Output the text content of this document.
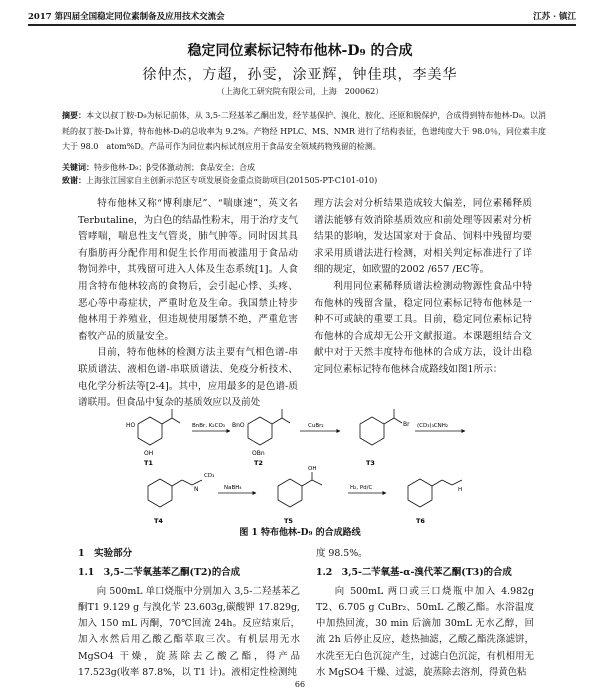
2017 第四届全国稳定同位素制备及应用技术交流会	江苏 · 镇江
稳定同位素标记特布他林-D₉ 的合成
徐仲杰，方超，孙雯，涂亚辉，钟佳琪，李美华
（上海化工研究院有限公司，上海　200062）
摘要：本文以叔丁胺-D₉为标记前体，从 3,5-二羟基苯乙酮出发，经苄基保护、溴化、胺化、还原和脱保护，合成得到特布他林-D₉。以消耗的叔丁胺-D₉计算，特布他林-D₉的总收率为 9.2%。产物经 HPLC、MS、NMR 进行了结构表征，色谱纯度大于 98.0％，同位素丰度大于 98.0　atom%D。产品可作为同位素内标试剂应用于食品安全领域药物残留的检测。
关键词：特步他林-D₉；β受体激动剂；食品安全；合成
致谢：上海张江国家自主创新示范区专项发展资金重点资助项目(201505-PT-C101-010)

特布他林又称“博利康尼”、“喘康速”，英文名Terbutaline，为白色的结晶性粉末，用于治疗支气管哮喘，喘息性支气管炎，肺气肿等。同时因其具有脂肪再分配作用和促生长作用而被滥用于食品动物饲养中，其残留可进入人体及生态系统[1]。人食用含特布他林较高的食物后，会引起心悸、头疼、恶心等中毒症状，严重时危及生命。我国禁止特步他林用于养殖业，但违规使用屡禁不绝，严重危害畜牧产品的质量安全。

目前，特布他林的检测方法主要有气相色谱-串联质谱法、液相色谱-串联质谱法、免疫分析技术、电化学分析法等[2-4]。其中，应用最多的是色谱-质谱联用。但食品中复杂的基质效应以及前处

理方法会对分析结果造成较大偏差，同位素稀释质谱法能够有效消除基质效应和前处理等因素对分析结果的影响，发达国家对于食品、饲料中残留均要求采用质谱法进行检测，对相关判定标准进行了详细的规定，如欧盟的2002 /657 /EC等。

利用同位素稀释质谱法检测动物源性食品中特布他林的残留含量，稳定同位素标记特布他林是一种不可或缺的重要工具。目前，稳定同位素标记特布他林的合成却无公开文献报道。本课题组结合文献中对于天然丰度特布他林的合成方法，设计出稳定同位素标记特布他林合成路线如图1所示：

HO
OH
T1
BnBr, K₂CO₃ BnO
OBn
T2
CuBr₂	Br
T3
(CD₃)₃CNH₂
N
CD₃
T4
NaBH₄
OH
T5
H₂, Pd/C	H
T6
图 1 特布他林-D₉ 的合成路线
1　实验部分
1.1　3,5-二苄氧基苯乙酮(T2)的合成

向 500mL 单口烧瓶中分别加入 3,5-二羟基苯乙酮T1 9.129 g 与溴化苄 23.603g,碳酸钾 17.829g,加入 150 mL 丙酮，70℃回流 24h。反应结束后，加入水然后用乙酸乙酯萃取三次。有机层用无水MgSO4 干燥，旋蒸除去乙酸乙酯，得产品17.523g(收率 87.8%，以 T1 计)。液相定性检测纯

度 98.5%。
1.2　3,5-二苄氧基-α-溴代苯乙酮(T3)的合成

向 500mL 两口或三口烧瓶中加入 4.982g T2、6.705 g CuBr₂、50mL 乙酸乙酯。水浴温度中加热回流，30 min 后滴加 30mL 无水乙醇，回流 2h 后停止反应，趁热抽滤，乙酸乙酯洗涤滤饼，水洗至无白色沉淀产生，过滤白色沉淀，有机相用无水 MgSO4 干燥、过滤，旋蒸除去溶剂，得黄色粘

66
